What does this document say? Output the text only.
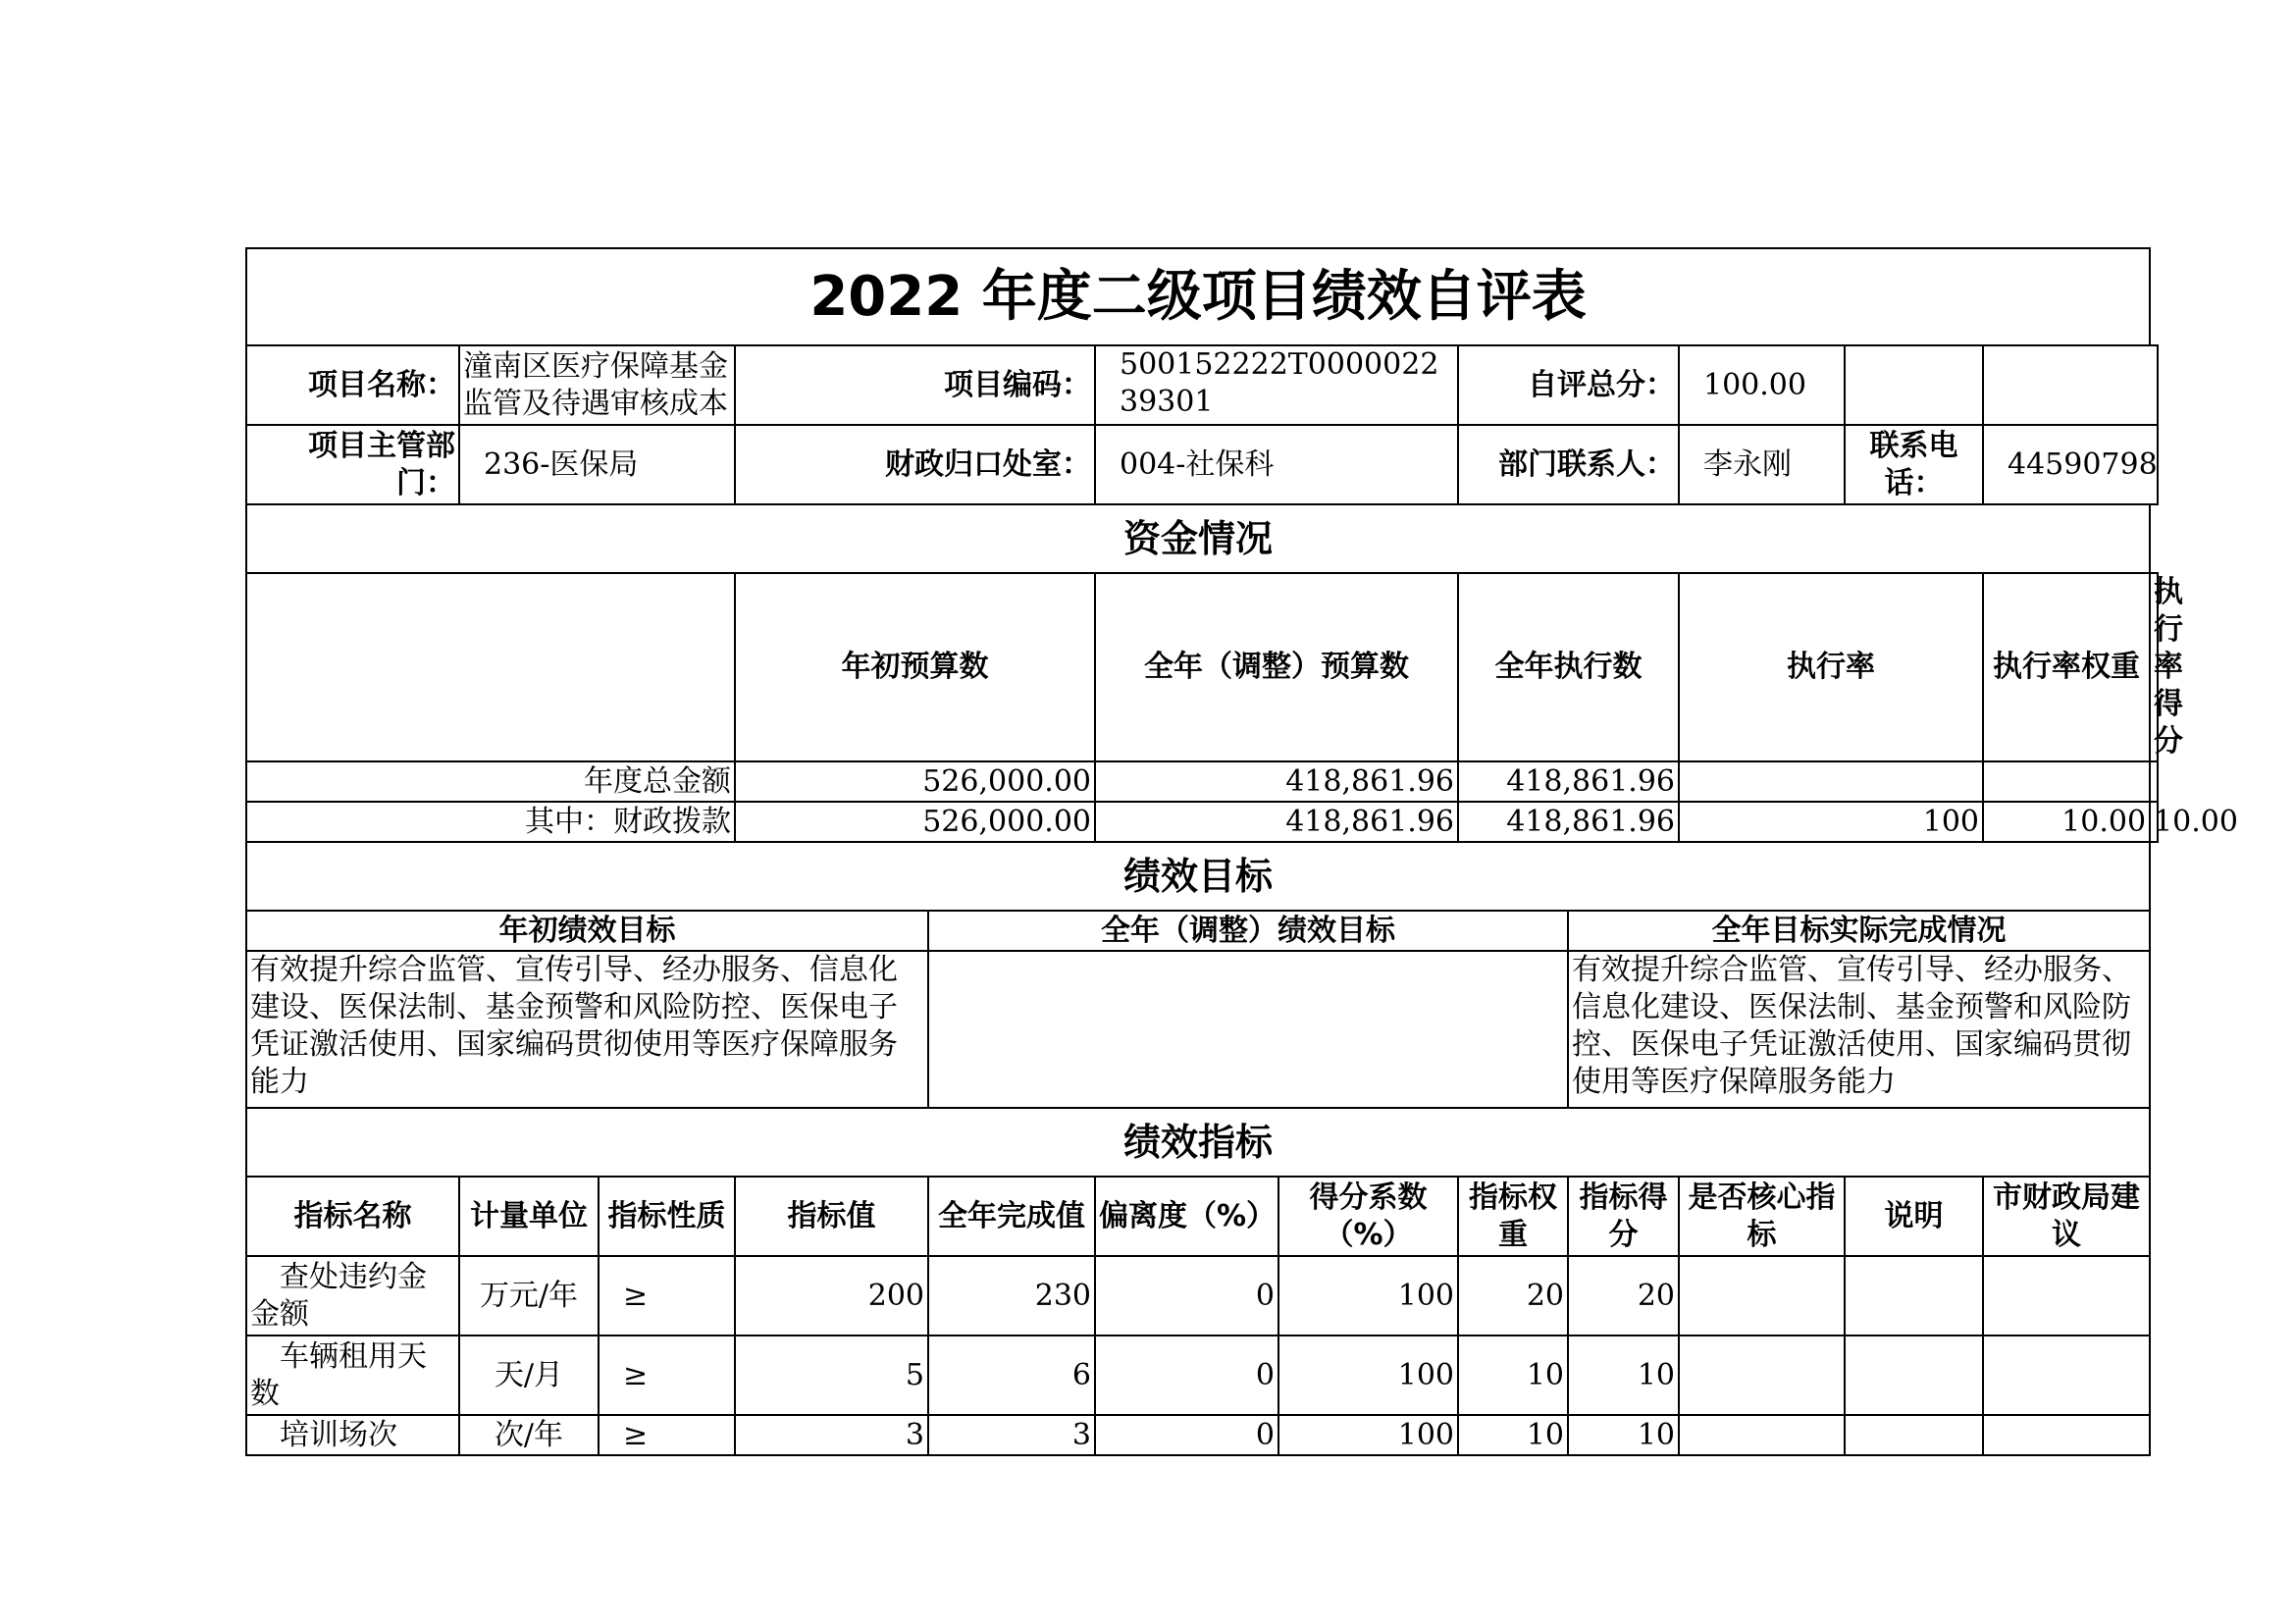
2022 年度二级项目绩效自评表												
项目名称：	潼南区医疗保障基金监管及待遇审核成本		项目编码：		500152222T000002239301		自评总分：		100.00			
项目主管部门：	236-医保局		财政归口处室：		004-社保科		部门联系人：		李永刚	联系电话：	44590798	
资金情况												
			年初预算数		全年（调整）预算数		全年执行数		执行率		执行率权重	执行率得分
年度总金额			526,000.00		418,861.96		418,861.96					
其中：财政拨款			526,000.00		418,861.96		418,861.96		100		10.00	10.00
绩效目标												
年初绩效目标				全年（调整）绩效目标				全年目标实际完成情况				
有效提升综合监管、宣传引导、经办服务、信息化建设、医保法制、基金预警和风险防控、医保电子凭证激活使用、国家编码贯彻使用等医疗保障服务能力								有效提升综合监管、宣传引导、经办服务、信息化建设、医保法制、基金预警和风险防控、医保电子凭证激活使用、国家编码贯彻使用等医疗保障服务能力				
绩效指标												
指标名称	计量单位	指标性质	指标值	全年完成值	偏离度（%）	得分系数（%）	指标权重	指标得分	是否核心指标	说明	市财政局建议	
查处违约金金额	万元/年	≥	200	230	0	100	20	20				
车辆租用天数	天/月	≥	5	6	0	100	10	10				
培训场次	次/年	≥	3	3	0	100	10	10				
